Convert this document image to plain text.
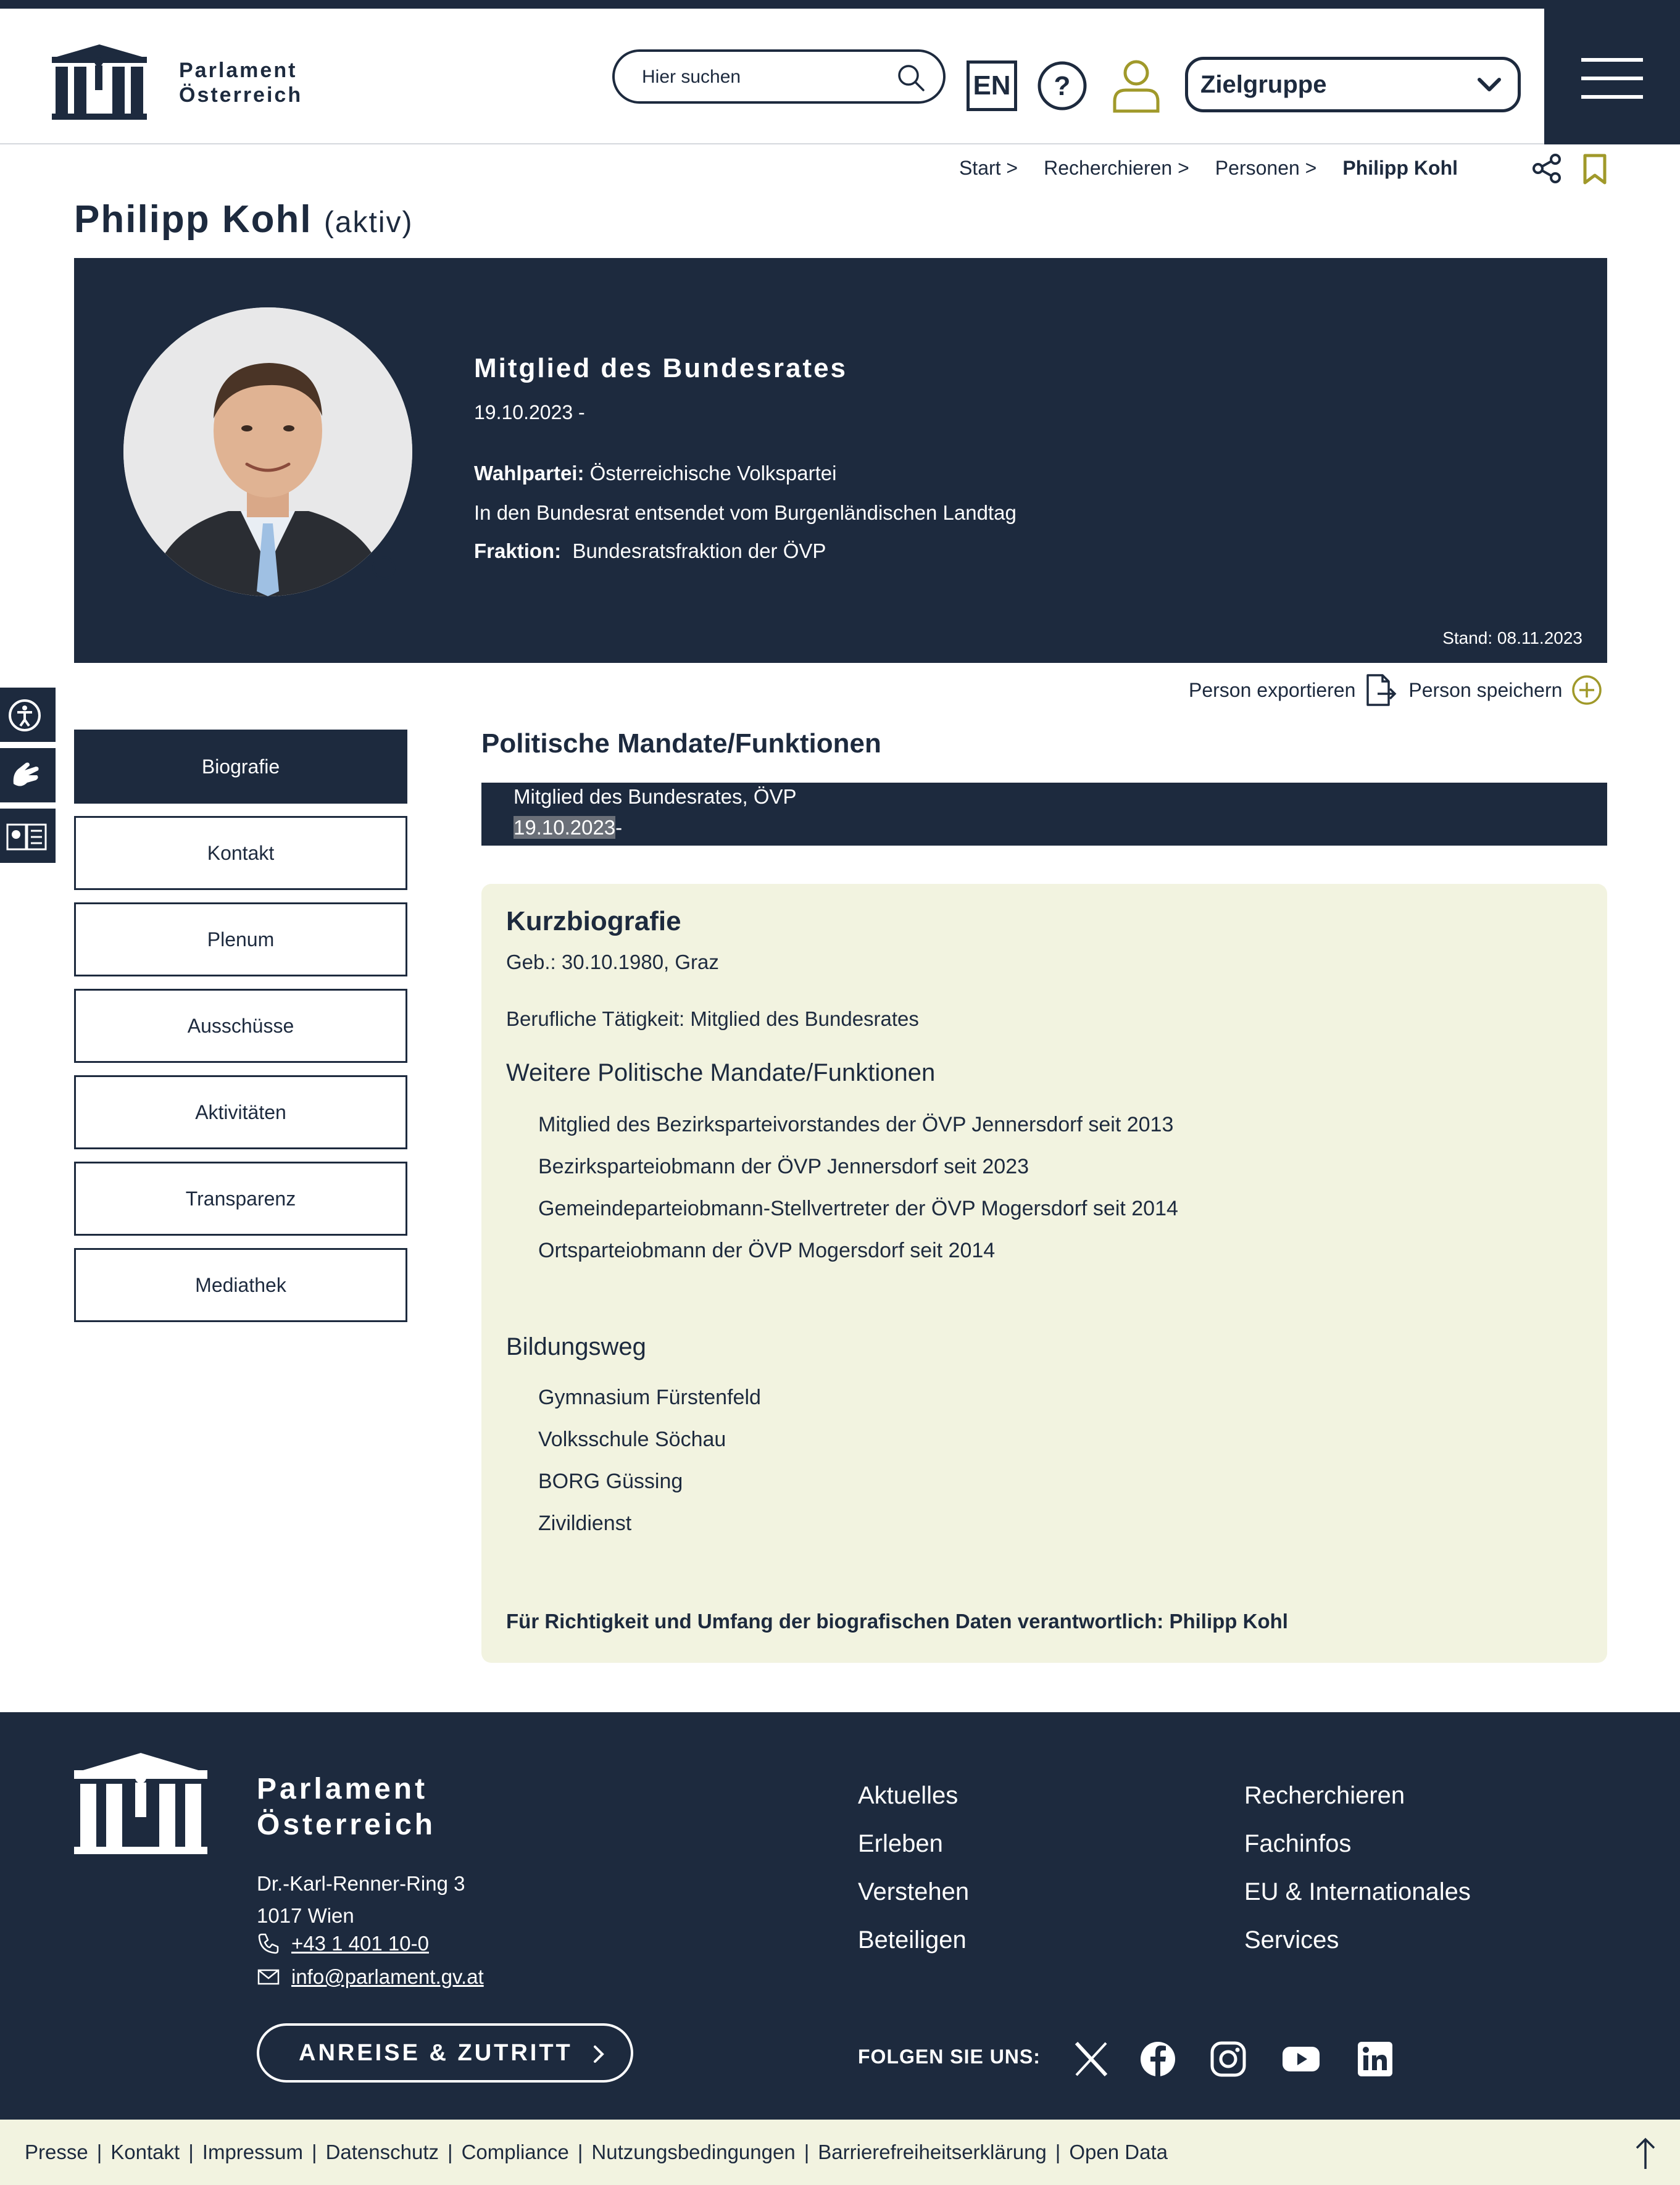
Parlament
Österreich
Hier suchen	EN ?	Zielgruppe
Start > Recherchieren > Personen > Philipp Kohl
Philipp Kohl (aktiv)
Mitglied des Bundesrates
19.10.2023 -
Wahlpartei: Österreichische Volkspartei
In den Bundesrat entsendet vom Burgenländischen Landtag
Fraktion: Bundesratsfraktion der ÖVP
Stand: 08.11.2023
Person exportieren	Person speichern
Biografie
Kontakt
Plenum
Ausschüsse
Aktivitäten
Transparenz
Mediathek
Politische Mandate/Funktionen
Mitglied des Bundesrates, ÖVP
19.10.2023-
Kurzbiografie
Geb.: 30.10.1980, Graz
Berufliche Tätigkeit: Mitglied des Bundesrates
Weitere Politische Mandate/Funktionen
Mitglied des Bezirksparteivorstandes der ÖVP Jennersdorf seit 2013
Bezirksparteiobmann der ÖVP Jennersdorf seit 2023
Gemeindeparteiobmann-Stellvertreter der ÖVP Mogersdorf seit 2014
Ortsparteiobmann der ÖVP Mogersdorf seit 2014
Bildungsweg
Gymnasium Fürstenfeld
Volksschule Söchau
BORG Güssing
Zivildienst
Für Richtigkeit und Umfang der biografischen Daten verantwortlich: Philipp Kohl
Parlament
Österreich
Dr.-Karl-Renner-Ring 3
1017 Wien
+43 1 401 10-0
info@parlament.gv.at
ANREISE & ZUTRITT
Aktuelles
Erleben
Verstehen
Beteiligen
Recherchieren
Fachinfos
EU & Internationales
Services
FOLGEN SIE UNS:
Presse | Kontakt | Impressum | Datenschutz | Compliance | Nutzungsbedingungen | Barrierefreiheitserklärung | Open Data
